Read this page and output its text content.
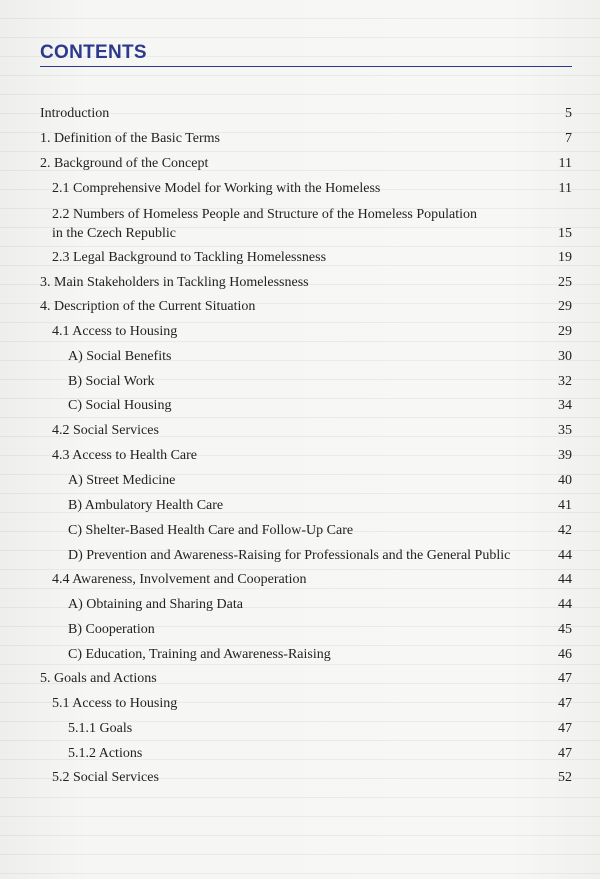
CONTENTS
Introduction	5
1. Definition of the Basic Terms	7
2. Background of the Concept	11
2.1 Comprehensive Model for Working with the Homeless	11
2.2 Numbers of Homeless People and Structure of the Homeless Population
in the Czech Republic	15
2.3 Legal Background to Tackling Homelessness	19
3. Main Stakeholders in Tackling Homelessness	25
4. Description of the Current Situation	29
4.1 Access to Housing	29
A) Social Benefits	30
B) Social Work	32
C) Social Housing	34
4.2 Social Services	35
4.3 Access to Health Care	39
A) Street Medicine	40
B) Ambulatory Health Care	41
C) Shelter-Based Health Care and Follow-Up Care	42
D) Prevention and Awareness-Raising for Professionals and the General Public	44
4.4 Awareness, Involvement and Cooperation	44
A) Obtaining and Sharing Data	44
B) Cooperation	45
C) Education, Training and Awareness-Raising	46
5. Goals and Actions	47
5.1 Access to Housing	47
5.1.1 Goals	47
5.1.2 Actions	47
5.2 Social Services	52
